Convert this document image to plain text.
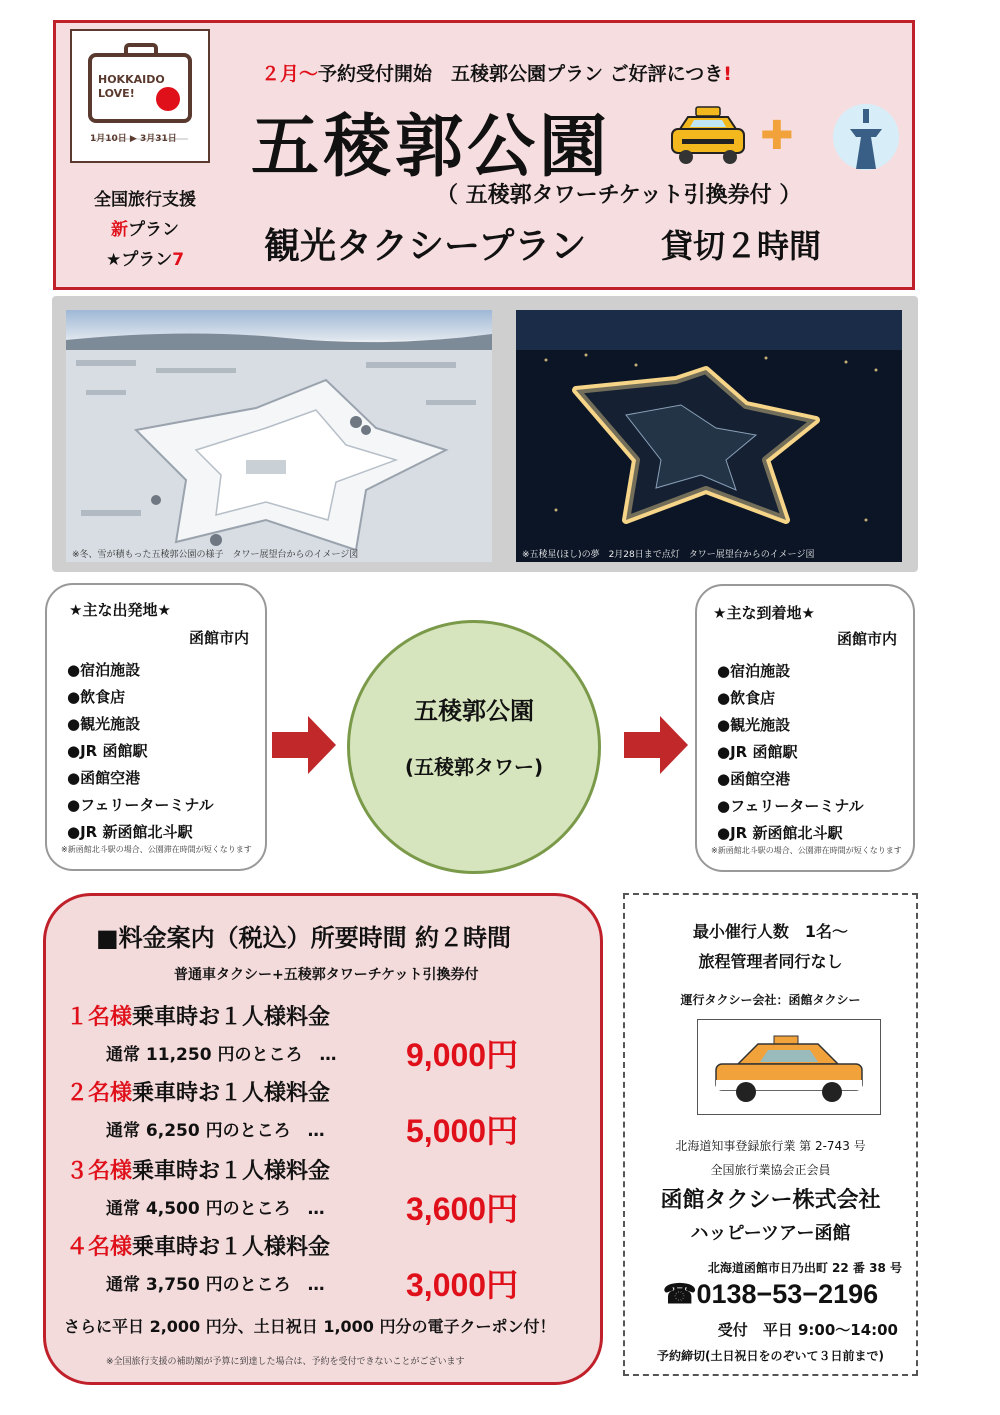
HOKKAIDO LOVE!
1月10日 ▶ 3月31日
２月〜予約受付開始　五稜郭公園プラン ご好評につき!
五稜郭公園	✚
（ 五稜郭タワーチケット引換券付 ）
観光タクシープラン 貸切２時間
全国旅行支援
新プラン
★プラン7
※冬、雪が積もった五稜郭公園の様子　タワー展望台からのイメージ図	※五稜星(ほし)の夢　2月28日まで点灯　タワー展望台からのイメージ図
★主な出発地★
函館市内
●宿泊施設
●飲食店
●観光施設
●JR 函館駅
●函館空港
●フェリーターミナル
●JR 新函館北斗駅
※新函館北斗駅の場合、公園滞在時間が短くなります
五稜郭公園
(五稜郭タワー)
★主な到着地★
函館市内
●宿泊施設
●飲食店
●観光施設
●JR 函館駅
●函館空港
●フェリーターミナル
●JR 新函館北斗駅
※新函館北斗駅の場合、公園滞在時間が短くなります
■料金案内（税込）所要時間 約２時間
普通車タクシー+五稜郭タワーチケット引換券付
１名様乗車時お１人様料金
通常 11,250 円のところ　… 9,000円
２名様乗車時お１人様料金
通常 6,250 円のところ　…	5,000円
３名様乗車時お１人様料金
通常 4,500 円のところ　…	3,600円
４名様乗車時お１人様料金
通常 3,750 円のところ　…	3,000円
さらに平日 2,000 円分、土日祝日 1,000 円分の電子クーポン付！
※全国旅行支援の補助額が予算に到達した場合は、予約を受付できないことがございます
最小催行人数　1名〜
旅程管理者同行なし
運行タクシー会社：函館タクシー
北海道知事登録旅行業 第 2-743 号
全国旅行業協会正会員
函館タクシー株式会社
ハッピーツアー函館
北海道函館市日乃出町 22 番 38 号
☎0138−53−2196
受付　平日 9:00〜14:00
予約締切(土日祝日をのぞいて３日前まで)
